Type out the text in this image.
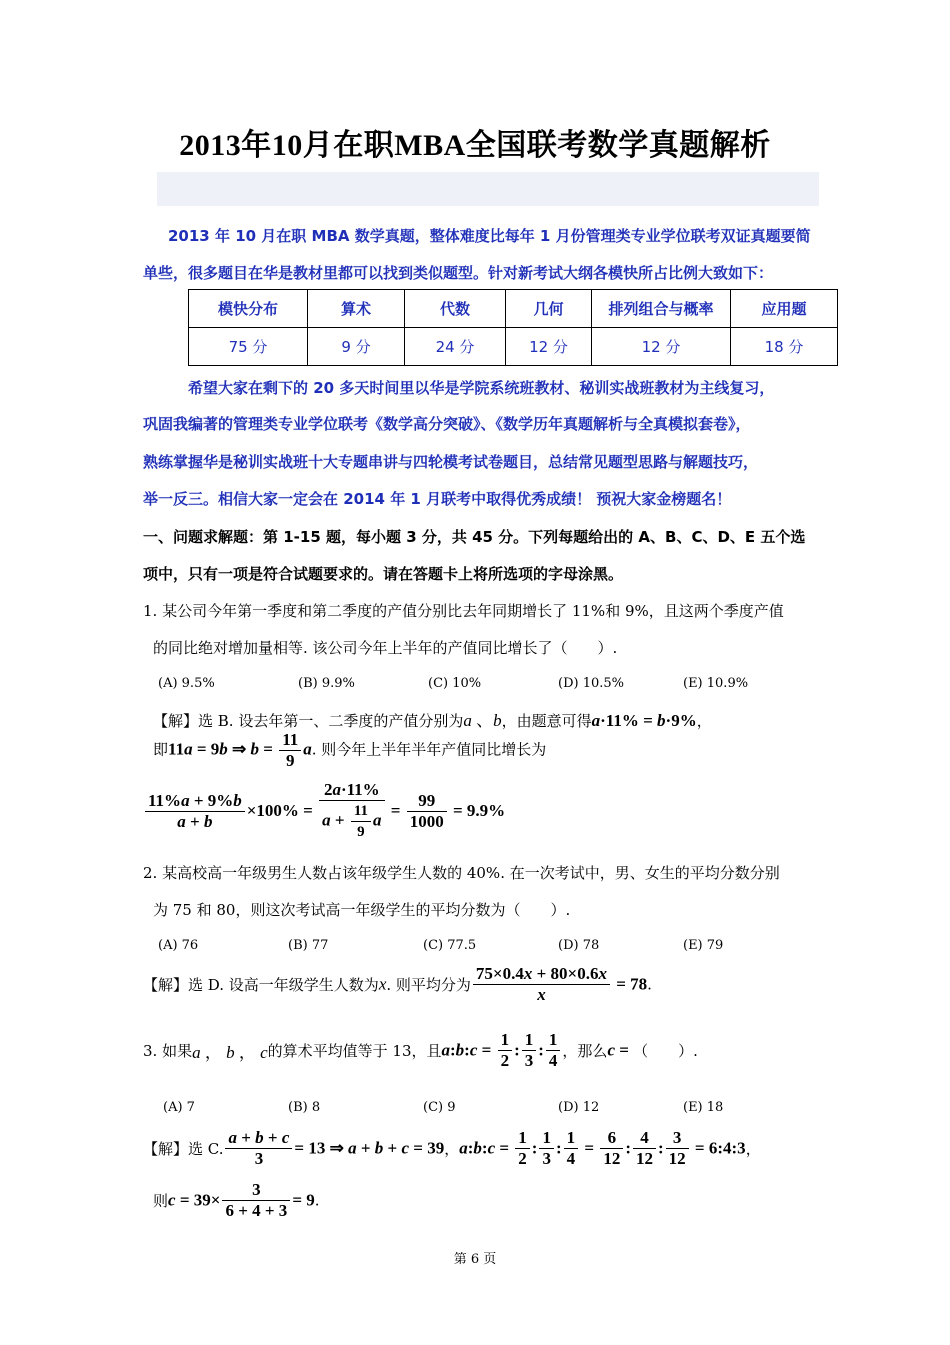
2013年10月在职MBA全国联考数学真题解析
2013 年 10 月在职 MBA 数学真题，整体难度比每年 1 月份管理类专业学位联考双证真题要简
单些，很多题目在华是教材里都可以找到类似题型。针对新考试大纲各模快所占比例大致如下：
模快分布	算术	代数	几何	排列组合与概率	应用题
75 分	9 分	24 分	12 分	12 分	18 分
希望大家在剩下的 20 多天时间里以华是学院系统班教材、秘训实战班教材为主线复习，
巩固我编著的管理类专业学位联考《数学高分突破》、《数学历年真题解析与全真模拟套卷》，
熟练掌握华是秘训实战班十大专题串讲与四轮模考试卷题目，总结常见题型思路与解题技巧，
举一反三。相信大家一定会在 2014 年 1 月联考中取得优秀成绩！ 预祝大家金榜题名！
一、问题求解题：第 1-15 题，每小题 3 分，共 45 分。下列每题给出的 A、B、C、D、E 五个选
项中，只有一项是符合试题要求的。请在答题卡上将所选项的字母涂黑。
1. 某公司今年第一季度和第二季度的产值分别比去年同期增长了 11%和 9%，且这两个季度产值
的同比绝对增加量相等. 该公司今年上半年的产值同比增长了（　　）.
(A) 9.5%	(B) 9.9%	(C) 10%	(D) 10.5%	(E) 10.9%
【解】选 B. 设去年第一、二季度的产值分别为a 、b，由题意可得a·11% = b·9%，
即11a = 9b ⇒ $b = \frac{11}{9} a$. 则今年上半年半年产值同比增长为
$\frac{11\%a + 9\%b}{a + b} \times 100\% = \frac{2a\cdot 11\%}{a + \frac{11}{9} a} = \frac{99}{1000} = 9.9\%$
2. 某高校高一年级男生人数占该年级学生人数的 40%. 在一次考试中，男、女生的平均分数分别
为 75 和 80，则这次考试高一年级学生的平均分数为（　　）.
(A) 76	(B) 77	(C) 77.5	(D) 78	(E) 79
【解】选 D. 设高一年级学生人数为x. 则平均分为 $\frac{75\times 0.4x + 80\times 0.6x}{x} = 78$.
3. 如果a ， b ， c的算术平均值等于 13，且a:b:c = $\frac{1}{2}$ : $\frac{1}{3}$ : $\frac{1}{4}$ ，那么c = （　　）.
(A) 7	(B) 8	(C) 9	(D) 12	(E) 18
【解】选 C. $\frac{a + b + c}{3} = 13$ ⇒ a + b + c = 39，a:b:c = $\frac{1}{2}$ : $\frac{1}{3}$ : $\frac{1}{4} = \frac{6}{12}$ : $\frac{4}{12}$ : $\frac{3}{12}$ = 6:4:3，
则$c = 39\times \frac{3}{6 + 4 + 3} = 9$.
第 6 页
